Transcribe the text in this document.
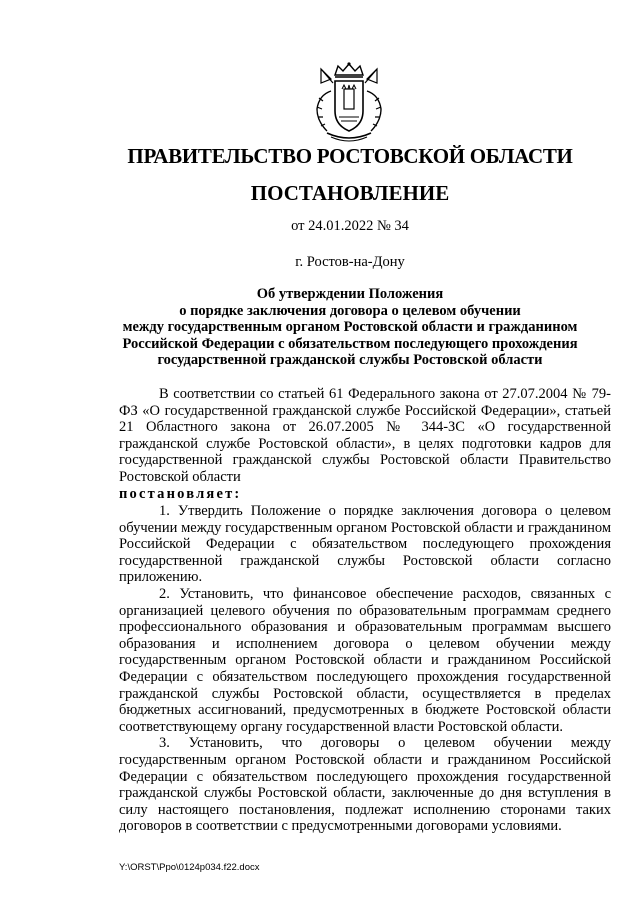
ПРАВИТЕЛЬСТВО РОСТОВСКОЙ ОБЛАСТИ
ПОСТАНОВЛЕНИЕ
от 24.01.2022 № 34
г. Ростов-на-Дону
Об утверждении Положения
о порядке заключения договора о целевом обучении
между государственным органом Ростовской области и гражданином
Российской Федерации с обязательством последующего прохождения
государственной гражданской службы Ростовской области

В соответствии со статьей 61 Федерального закона от 27.07.2004 № 79-ФЗ «О государственной гражданской службе Российской Федерации», статьей 21 Областного закона от 26.07.2005 № 344-ЗС «О государственной гражданской службе Ростовской области», в целях подготовки кадров для государственной гражданской службы Ростовской области Правительство Ростовской области

постановляет:

1. Утвердить Положение о порядке заключения договора о целевом обучении между государственным органом Ростовской области и гражданином Российской Федерации с обязательством последующего прохождения государственной гражданской службы Ростовской области согласно приложению.

2. Установить, что финансовое обеспечение расходов, связанных с организацией целевого обучения по образовательным программам среднего профессионального образования и образовательным программам высшего образования и исполнением договора о целевом обучении между государственным органом Ростовской области и гражданином Российской Федерации с обязательством последующего прохождения государственной гражданской службы Ростовской области, осуществляется в пределах бюджетных ассигнований, предусмотренных в бюджете Ростовской области соответствующему органу государственной власти Ростовской области.

3. Установить, что договоры о целевом обучении между государственным органом Ростовской области и гражданином Российской Федерации с обязательством последующего прохождения государственной гражданской службы Ростовской области, заключенные до дня вступления в силу настоящего постановления, подлежат исполнению сторонами таких договоров в соответствии с предусмотренными договорами условиями.

Y:\ORST\Ppo\0124p034.f22.docx
